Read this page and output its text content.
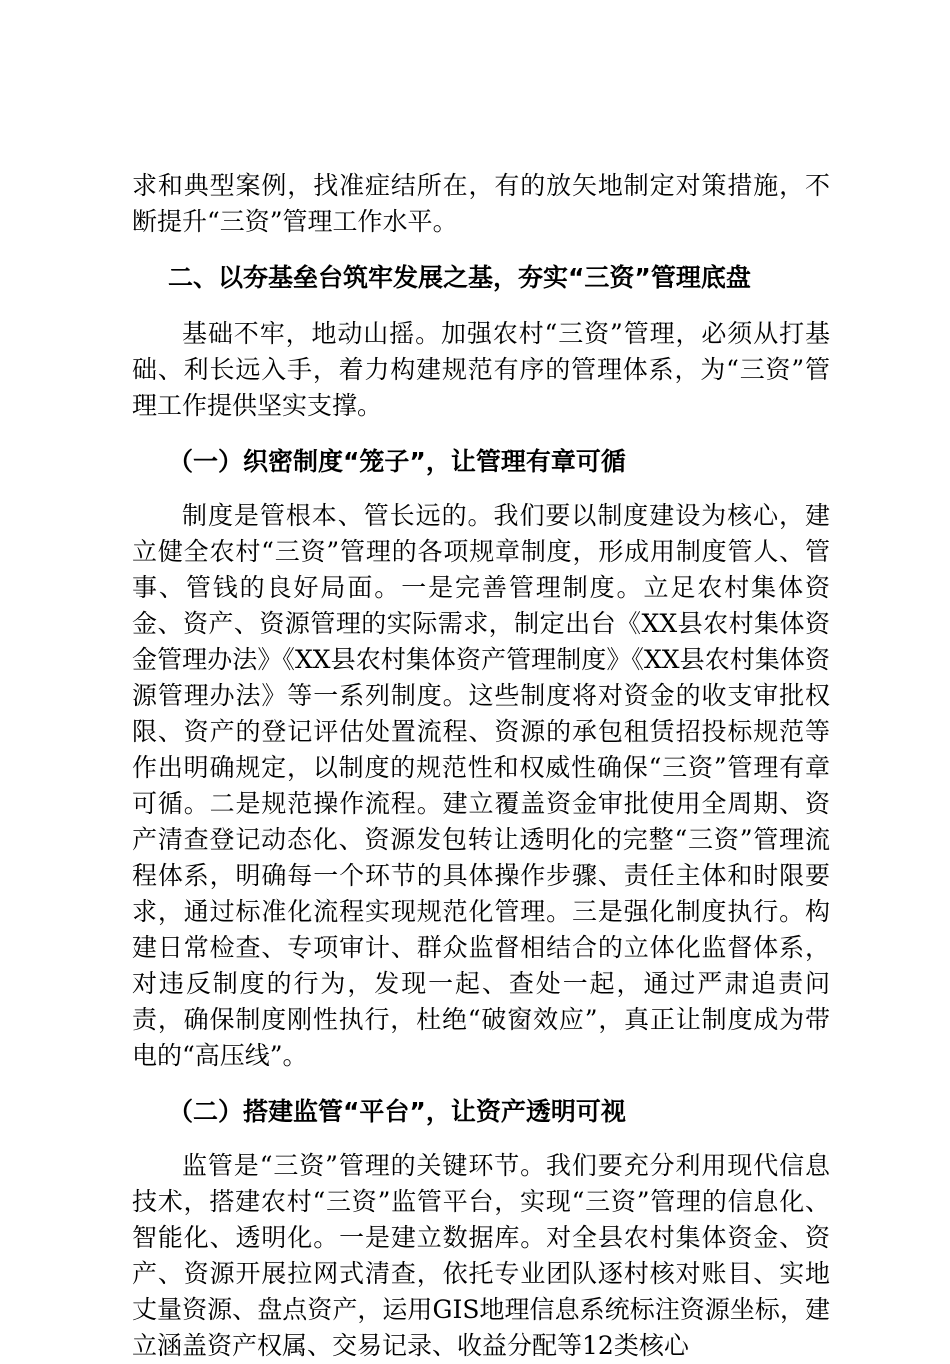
求和典型案例，找准症结所在，有的放矢地制定对策措施，不断提升“三资”管理工作水平。

二、以夯基垒台筑牢发展之基，夯实“三资”管理底盘

基础不牢，地动山摇。加强农村“三资”管理，必须从打基础、利长远入手，着力构建规范有序的管理体系，为“三资”管理工作提供坚实支撑。

（一）织密制度“笼子”，让管理有章可循

制度是管根本、管长远的。我们要以制度建设为核心，建立健全农村“三资”管理的各项规章制度，形成用制度管人、管事、管钱的良好局面。一是完善管理制度。立足农村集体资金、资产、资源管理的实际需求，制定出台《XX县农村集体资金管理办法》《XX县农村集体资产管理制度》《XX县农村集体资源管理办法》等一系列制度。这些制度将对资金的收支审批权限、资产的登记评估处置流程、资源的承包租赁招投标规范等作出明确规定，以制度的规范性和权威性确保“三资”管理有章可循。二是规范操作流程。建立覆盖资金审批使用全周期、资产清查登记动态化、资源发包转让透明化的完整“三资”管理流程体系，明确每一个环节的具体操作步骤、责任主体和时限要求，通过标准化流程实现规范化管理。三是强化制度执行。构建日常检查、专项审计、群众监督相结合的立体化监督体系，对违反制度的行为，发现一起、查处一起，通过严肃追责问责，确保制度刚性执行，杜绝“破窗效应”，真正让制度成为带电的“高压线”。

（二）搭建监管“平台”，让资产透明可视

监管是“三资”管理的关键环节。我们要充分利用现代信息技术，搭建农村“三资”监管平台，实现“三资”管理的信息化、智能化、透明化。一是建立数据库。对全县农村集体资金、资产、资源开展拉网式清查，依托专业团队逐村核对账目、实地丈量资源、盘点资产，运用GIS地理信息系统标注资源坐标，建立涵盖资产权属、交易记录、收益分配等12类核心
